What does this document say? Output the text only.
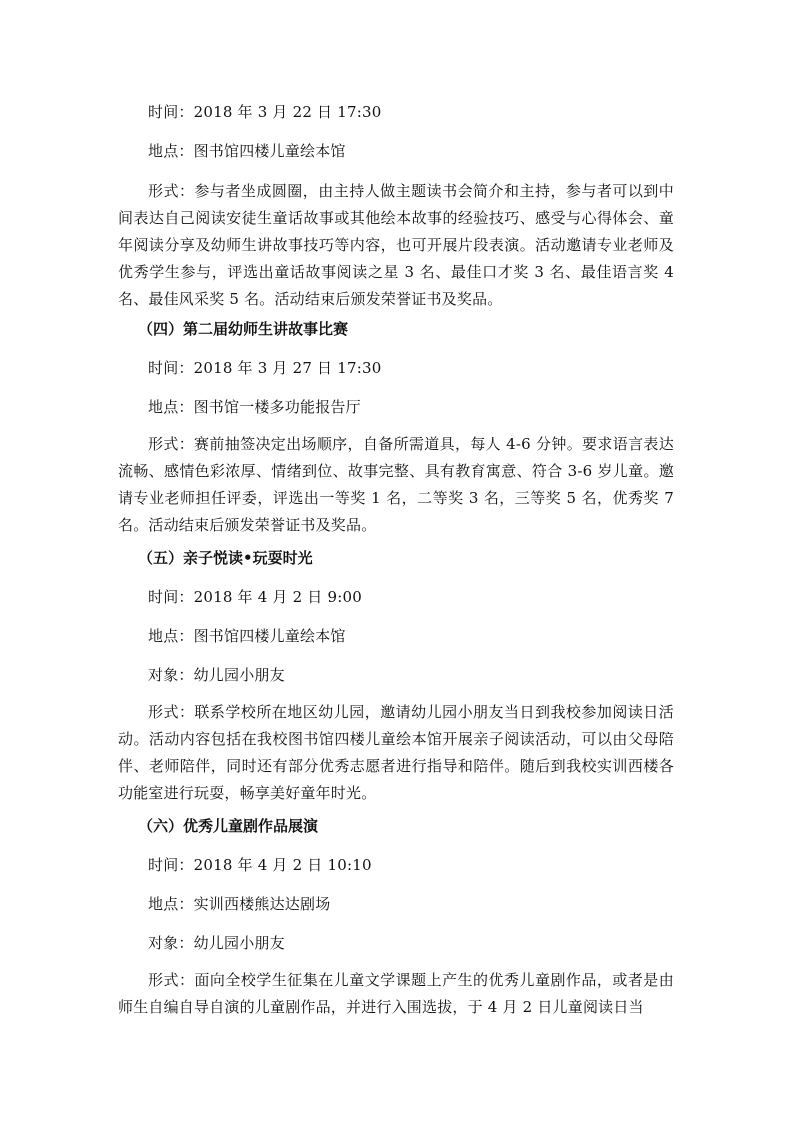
时间：2018 年 3 月 22 日 17:30
地点：图书馆四楼儿童绘本馆
形式：参与者坐成圆圈，由主持人做主题读书会简介和主持，参与者可以到中间表达自己阅读安徒生童话故事或其他绘本故事的经验技巧、感受与心得体会、童年阅读分享及幼师生讲故事技巧等内容，也可开展片段表演。活动邀请专业老师及优秀学生参与，评选出童话故事阅读之星 3 名、最佳口才奖 3 名、最佳语言奖 4 名、最佳风采奖 5 名。活动结束后颁发荣誉证书及奖品。
（四）第二届幼师生讲故事比赛
时间：2018 年 3 月 27 日 17:30
地点：图书馆一楼多功能报告厅
形式：赛前抽签决定出场顺序，自备所需道具，每人 4-6 分钟。要求语言表达流畅、感情色彩浓厚、情绪到位、故事完整、具有教育寓意、符合 3-6 岁儿童。邀请专业老师担任评委，评选出一等奖 1 名，二等奖 3 名，三等奖 5 名，优秀奖 7 名。活动结束后颁发荣誉证书及奖品。
（五）亲子悦读•玩耍时光
时间：2018 年 4 月 2 日 9:00
地点：图书馆四楼儿童绘本馆
对象：幼儿园小朋友
形式：联系学校所在地区幼儿园，邀请幼儿园小朋友当日到我校参加阅读日活动。活动内容包括在我校图书馆四楼儿童绘本馆开展亲子阅读活动，可以由父母陪伴、老师陪伴，同时还有部分优秀志愿者进行指导和陪伴。随后到我校实训西楼各功能室进行玩耍，畅享美好童年时光。
（六）优秀儿童剧作品展演
时间：2018 年 4 月 2 日 10:10
地点：实训西楼熊达达剧场
对象：幼儿园小朋友
形式：面向全校学生征集在儿童文学课题上产生的优秀儿童剧作品，或者是由师生自编自导自演的儿童剧作品，并进行入围选拔，于 4 月 2 日儿童阅读日当
